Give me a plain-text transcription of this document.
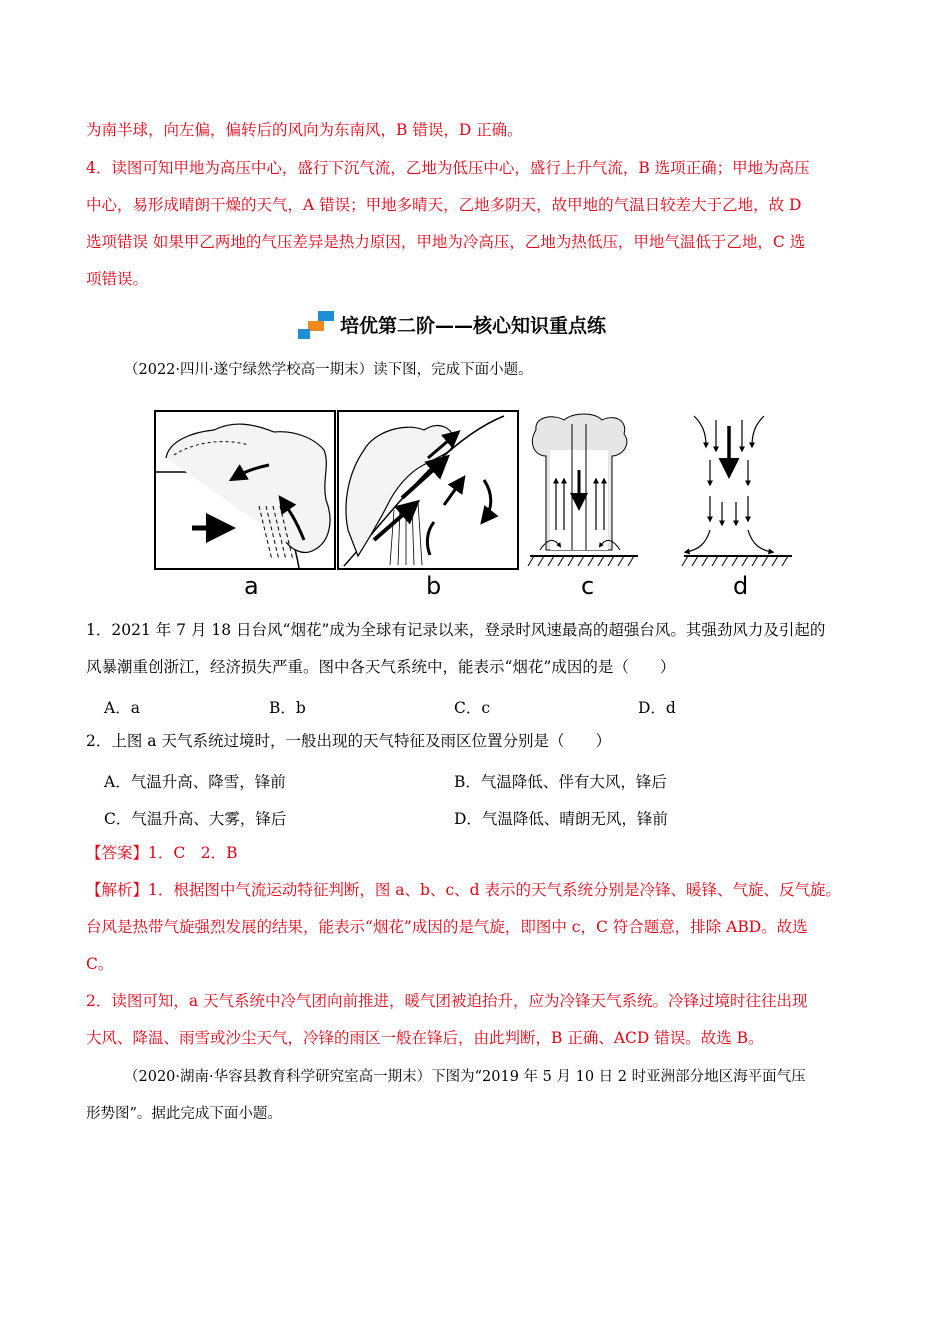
为南半球，向左偏，偏转后的风向为东南风，B 错误，D 正确。
4．读图可知甲地为高压中心，盛行下沉气流，乙地为低压中心，盛行上升气流，B 选项正确；甲地为高压
中心，易形成晴朗干燥的天气，A 错误；甲地多晴天，乙地多阴天，故甲地的气温日较差大于乙地，故 D
选项错误 如果甲乙两地的气压差异是热力原因，甲地为冷高压，乙地为热低压，甲地气温低于乙地，C 选
项错误。
培优第二阶——核心知识重点练
（2022·四川·遂宁绿然学校高一期末）读下图，完成下面小题。
a	b	c	d
1．2021 年 7 月 18 日台风“烟花”成为全球有记录以来，登录时风速最高的超强台风。其强劲风力及引起的
风暴潮重创浙江，经济损失严重。图中各天气系统中，能表示“烟花”成因的是（　　）
A．a	B．b	C．c	D．d
2．上图 a 天气系统过境时，一般出现的天气特征及雨区位置分别是（　　）
A．气温升高、降雪，锋前	B．气温降低、伴有大风，锋后
C．气温升高、大雾，锋后	D．气温降低、晴朗无风，锋前
【答案】1．C　2．B
【解析】1．根据图中气流运动特征判断，图 a、b、c、d 表示的天气系统分别是冷锋、暖锋、气旋、反气旋。
台风是热带气旋强烈发展的结果，能表示“烟花”成因的是气旋，即图中 c，C 符合题意，排除 ABD。故选
C。
2．读图可知，a 天气系统中冷气团向前推进，暖气团被迫抬升，应为冷锋天气系统。冷锋过境时往往出现
大风、降温、雨雪或沙尘天气，冷锋的雨区一般在锋后，由此判断，B 正确、ACD 错误。故选 B。
（2020·湖南·华容县教育科学研究室高一期末）下图为“2019 年 5 月 10 日 2 时亚洲部分地区海平面气压
形势图”。据此完成下面小题。
